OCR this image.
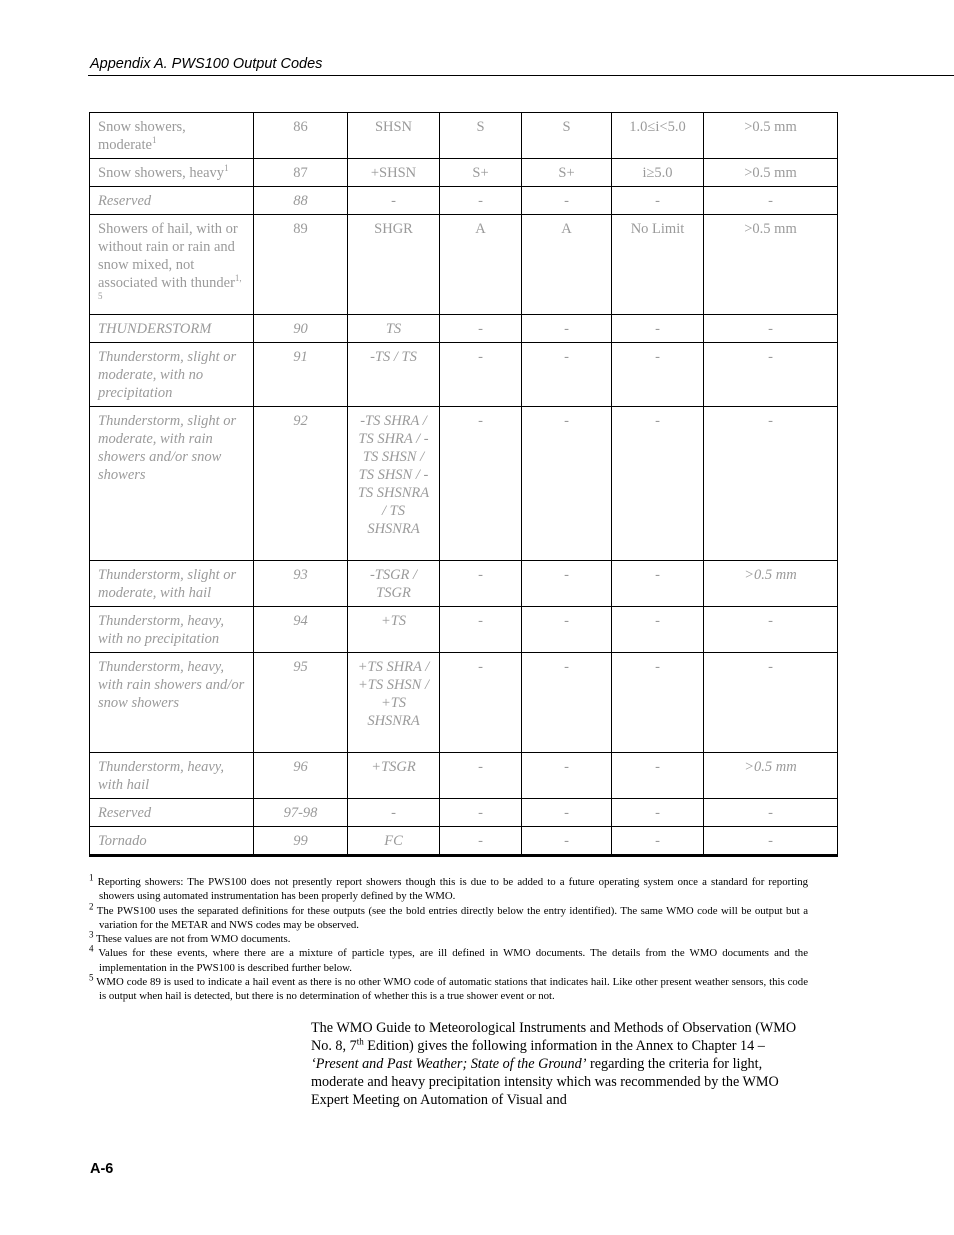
Appendix A. PWS100 Output Codes
Snow showers, moderate$^1$	86	SHSN	S	S	1.0≤i<5.0	>0.5 mm
Snow showers, heavy$^1$	87	+SHSN	S+	S+	i≥5.0	>0.5 mm
Reserved	88	-	-	-	-	-
Showers of hail, with or without rain or rain and snow mixed, not associated with thunder$^{1, 5}$	89	SHGR	A	A	No Limit	>0.5 mm
THUNDERSTORM	90	TS	-	-	-	-
Thunderstorm, slight or moderate, with no precipitation	91	-TS / TS	-	-	-	-
Thunderstorm, slight or moderate, with rain showers and/or snow showers	92	-TS SHRA / TS SHRA / -TS SHSN / TS SHSN / -TS SHSNRA / TS SHSNRA	-	-	-	-
Thunderstorm, slight or moderate, with hail	93	-TSGR / TSGR	-	-	-	>0.5 mm
Thunderstorm, heavy, with no precipitation	94	+TS	-	-	-	-
Thunderstorm, heavy, with rain showers and/or snow showers	95	+TS SHRA / +TS SHSN / +TS SHSNRA	-	-	-	-
Thunderstorm, heavy, with hail	96	+TSGR	-	-	-	>0.5 mm
Reserved	97-98	-	-	-	-	-
Tornado	99	FC	-	-	-	-
$^1$ Reporting showers: The PWS100 does not presently report showers though this is due to be added to a future operating system once a standard for reporting showers using automated instrumentation has been properly defined by the WMO.
$^2$ The PWS100 uses the separated definitions for these outputs (see the bold entries directly below the entry identified). The same WMO code will be output but a variation for the METAR and NWS codes may be observed.
$^3$ These values are not from WMO documents.
$^4$ Values for these events, where there are a mixture of particle types, are ill defined in WMO documents. The details from the WMO documents and the implementation in the PWS100 is described further below.
$^5$ WMO code 89 is used to indicate a hail event as there is no other WMO code of automatic stations that indicates hail. Like other present weather sensors, this code is output when hail is detected, but there is no determination of whether this is a true shower event or not.
The WMO Guide to Meteorological Instruments and Methods of Observation (WMO No. 8, 7th Edition) gives the following information in the Annex to Chapter 14 – ‘Present and Past Weather; State of the Ground’ regarding the criteria for light, moderate and heavy precipitation intensity which was recommended by the WMO Expert Meeting on Automation of Visual and
A-6
